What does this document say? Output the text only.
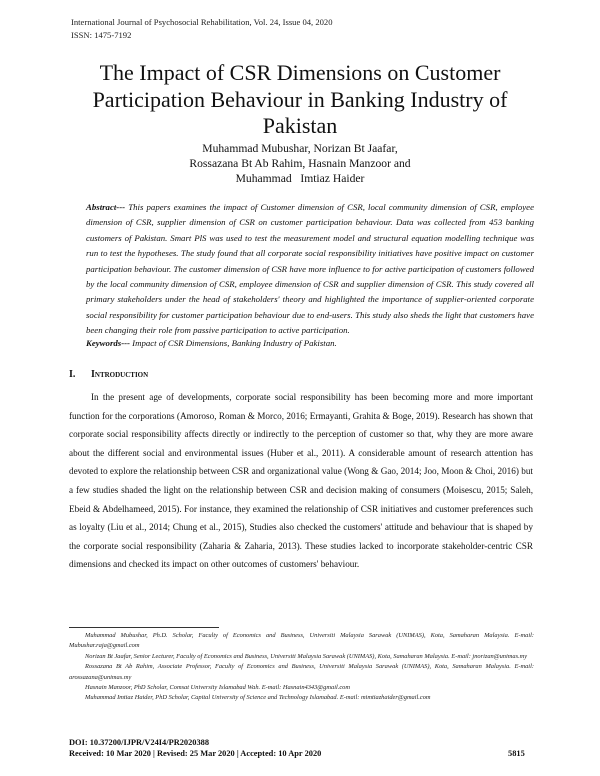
International Journal of Psychosocial Rehabilitation, Vol. 24, Issue 04, 2020
ISSN: 1475-7192
The Impact of CSR Dimensions on Customer
Participation Behaviour in Banking Industry of
Pakistan
Muhammad Mubushar, Norizan Bt Jaafar,
Rossazana Bt Ab Rahim, Hasnain Manzoor and
Muhammad   Imtiaz Haider
Abstract--- This papers examines the impact of Customer dimension of CSR, local community dimension of CSR, employee dimension of CSR, supplier dimension of CSR on customer participation behaviour. Data was collected from 453 banking customers of Pakistan. Smart PlS was used to test the measurement model and structural equation modelling technique was run to test the hypotheses. The study found that all corporate social responsibility initiatives have positive impact on customer participation behaviour. The customer dimension of CSR have more influence to for active participation of customers followed by the local community dimension of CSR, employee dimension of CSR and supplier dimension of CSR. This study covered all primary stakeholders under the head of stakeholders' theory and highlighted the importance of supplier-oriented corporate social responsibility for customer participation behaviour due to end-users. This study also sheds the light that customers have been changing their role from passive participation to active participation.
Keywords--- Impact of CSR Dimensions, Banking Industry of Pakistan.
I. Introduction

In the present age of developments, corporate social responsibility has been becoming more and more important function for the corporations (Amoroso, Roman & Morco, 2016; Ermayanti, Grahita & Boge, 2019). Research has shown that corporate social responsibility affects directly or indirectly to the perception of customer so that, why they are more aware about the different social and environmental issues (Huber et al., 2011). A considerable amount of research attention has devoted to explore the relationship between CSR and organizational value (Wong & Gao, 2014; Joo, Moon & Choi, 2016) but a few studies shaded the light on the relationship between CSR and decision making of consumers (Moisescu, 2015; Saleh, Ebeid & Abdelhameed, 2015). For instance, they examined the relationship of CSR initiatives and customer preferences such as loyalty (Liu et al., 2014; Chung et al., 2015), Studies also checked the customers' attitude and behaviour that is shaped by the corporate social responsibility (Zaharia & Zaharia, 2013). These studies lacked to incorporate stakeholder-centric CSR dimensions and checked its impact on other outcomes of customers' behaviour.

Muhammad Mubushar, Ph.D. Scholar, Faculty of Economics and Business, Universiti Malaysia Sarawak (UNIMAS), Kota, Samaharan Malaysia. E-mail: Mubushar.raja@gmail.com

Norizan Bt Jaafar, Senior Lecturer, Faculty of Economics and Business, Universiti Malaysia Sarawak (UNIMAS), Kota, Samaharan Malaysia. E-mail: jnorizan@unimas.my

Rossazana Bt Ab Rahim, Associate Professor, Faculty of Economics and Business, Universiti Malaysia Sarawak (UNIMAS), Kota, Samaharan Malaysia. E-mail: arossazana@unimas.my

Hasnain Manzoor, PhD Scholar, Comsat University Islamabad Wah. E-mail: Hasnain4343@gmail.com

Muhammad Imtiaz Haider, PhD Scholar, Capital University of Science and Technology Islamabad. E-mail: mimtiazhaider@gmail.com

DOI: 10.37200/IJPR/V24I4/PR2020388
Received: 10 Mar 2020 | Revised: 25 Mar 2020 | Accepted: 10 Apr 2020	5815
